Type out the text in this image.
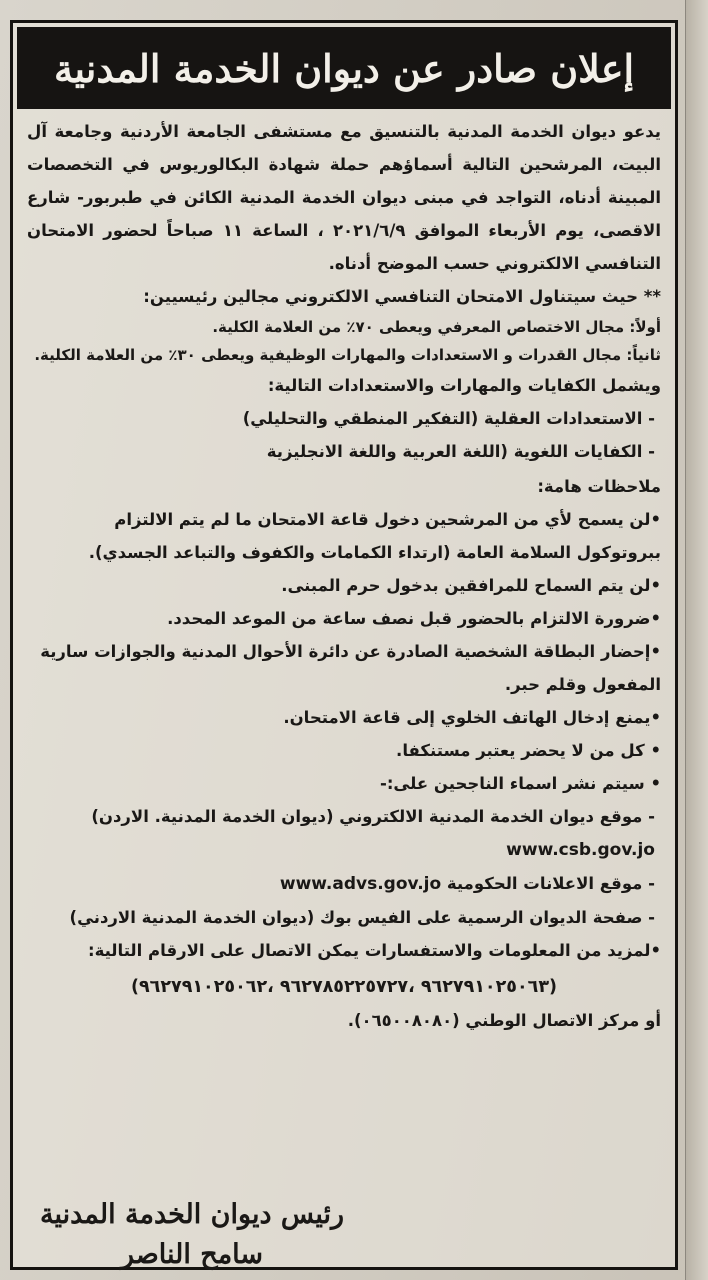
إعلان صادر عن ديوان الخدمة المدنية

يدعو ديوان الخدمة المدنية بالتنسيق مع مستشفى الجامعة الأردنية وجامعة آل البيت، المرشحين التالية أسماؤهم حملة شهادة البكالوريوس في التخصصات المبينة أدناه، التواجد في مبنى ديوان الخدمة المدنية الكائن في طبربور- شارع الاقصى، يوم الأربعاء الموافق ٢٠٢١/٦/٩ ، الساعة ١١ صباحاً لحضور الامتحان التنافسي الالكتروني حسب الموضح أدناه.

** حيث سيتناول الامتحان التنافسي الالكتروني مجالين رئيسيين:

أولاً: مجال الاختصاص المعرفي ويعطى ٧٠٪ من العلامة الكلية.

ثانياً: مجال القدرات و الاستعدادات والمهارات الوظيفية ويعطى ٣٠٪ من العلامة الكلية.

ويشمل الكفايات والمهارات والاستعدادات التالية:

- الاستعدادات العقلية (التفكير المنطقي والتحليلي)

- الكفايات اللغوية (اللغة العربية واللغة الانجليزية

ملاحظات هامة:

•لن يسمح لأي من المرشحين دخول قاعة الامتحان ما لم يتم الالتزام ببروتوكول السلامة العامة (ارتداء الكمامات والكفوف والتباعد الجسدي).

•لن يتم السماح للمرافقين بدخول حرم المبنى.

•ضرورة الالتزام بالحضور قبل نصف ساعة من الموعد المحدد.

•إحضار البطاقة الشخصية الصادرة عن دائرة الأحوال المدنية والجوازات سارية المفعول وقلم حبر.

•يمنع إدخال الهاتف الخلوي إلى قاعة الامتحان.

• كل من لا يحضر يعتبر مستنكفا.

• سيتم نشر اسماء الناجحين على:-

- موقع ديوان الخدمة المدنية الالكتروني (ديوان الخدمة المدنية. الاردن) www.csb.gov.jo

- موقع الاعلانات الحكومية www.advs.gov.jo

- صفحة الديوان الرسمية على الفيس بوك (ديوان الخدمة المدنية الاردني)

•لمزيد من المعلومات والاستفسارات يمكن الاتصال على الارقام التالية:

(٩٦٢٧٩١٠٢٥٠٦٣ ،٩٦٢٧٨٥٢٢٥٧٢٧ ،٩٦٢٧٩١٠٢٥٠٦٢)

أو مركز الاتصال الوطني (٠٦٥٠٠٨٠٨٠).

رئيس ديوان الخدمة المدنية
سامح الناصر
